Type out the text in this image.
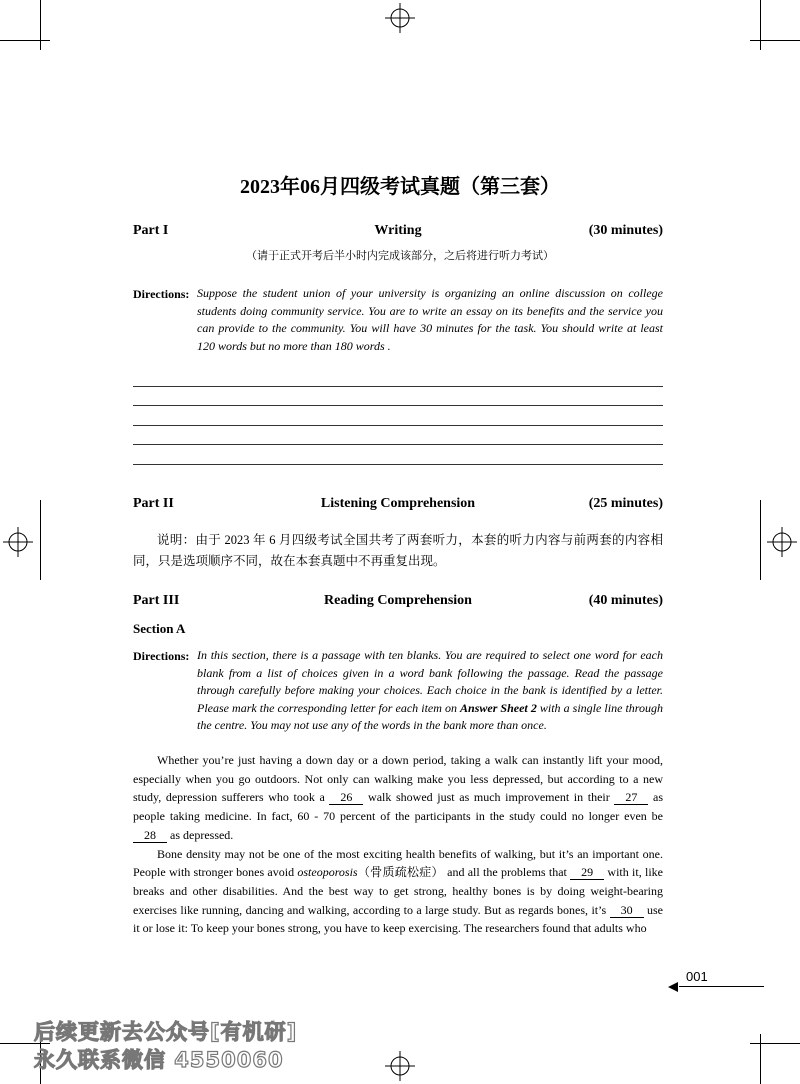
2023年06月四级考试真题（第三套）
Part I	Writing	(30 minutes)
（请于正式开考后半小时内完成该部分，之后将进行听力考试）
Directions: Suppose the student union of your university is organizing an online discussion on college students doing community service. You are to write an essay on its benefits and the service you can provide to the community. You will have 30 minutes for the task. You should write at least 120 words but no more than 180 words .
Part II	Listening Comprehension	(25 minutes)
说明：由于 2023 年 6 月四级考试全国共考了两套听力，本套的听力内容与前两套的内容相同，只是选项顺序不同，故在本套真题中不再重复出现。
Part III	Reading Comprehension	(40 minutes)
Section A
Directions: In this section, there is a passage with ten blanks. You are required to select one word for each blank from a list of choices given in a word bank following the passage. Read the passage through carefully before making your choices. Each choice in the bank is identified by a letter. Please mark the corresponding letter for each item on Answer Sheet 2 with a single line through the centre. You may not use any of the words in the bank more than once.

Whether you’re just having a down day or a down period, taking a walk can instantly lift your mood, especially when you go outdoors. Not only can walking make you less depressed, but according to a new study, depression sufferers who took a 26 walk showed just as much improvement in their 27 as people taking medicine. In fact, 60 - 70 percent of the participants in the study could no longer even be 28 as depressed.

Bone density may not be one of the most exciting health benefits of walking, but it’s an important one. People with stronger bones avoid osteoporosis（骨质疏松症） and all the problems that 29 with it, like breaks and other disabilities. And the best way to get strong, healthy bones is by doing weight-bearing exercises like running, dancing and walking, according to a large study. But as regards bones, it’s 30 use it or lose it: To keep your bones strong, you have to keep exercising. The researchers found that adults who

001
后续更新去公众号[有机研]
永久联系微信 4550060
